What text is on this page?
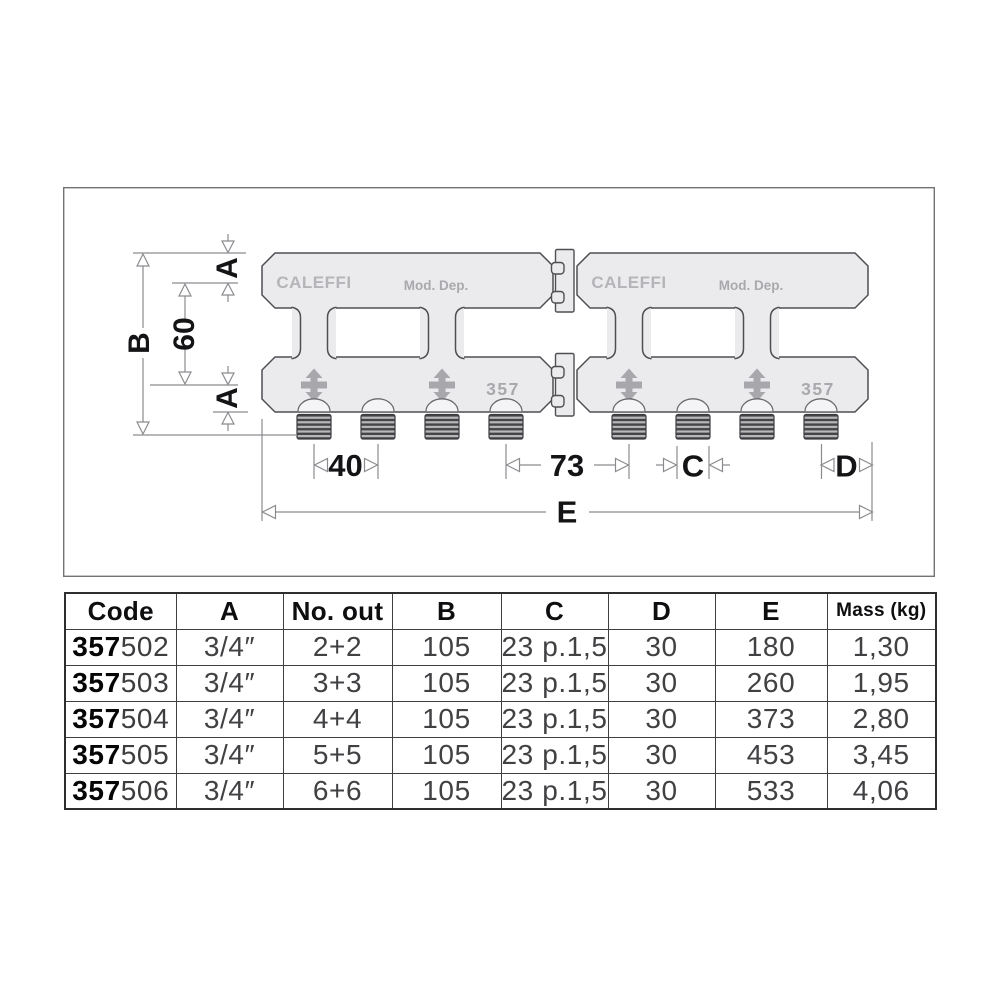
CALEFFI	CALEFFI
Mod. Dep.	Mod. Dep.
357	357
B 60
A
A
40	73	C	D
E
Code	A	No. out	B	C	D	E	Mass (kg)
357502	3/4″	2+2	105	23 p.1,5	30	180	1,30
357503	3/4″	3+3	105	23 p.1,5	30	260	1,95
357504	3/4″	4+4	105	23 p.1,5	30	373	2,80
357505	3/4″	5+5	105	23 p.1,5	30	453	3,45
357506	3/4″	6+6	105	23 p.1,5	30	533	4,06
